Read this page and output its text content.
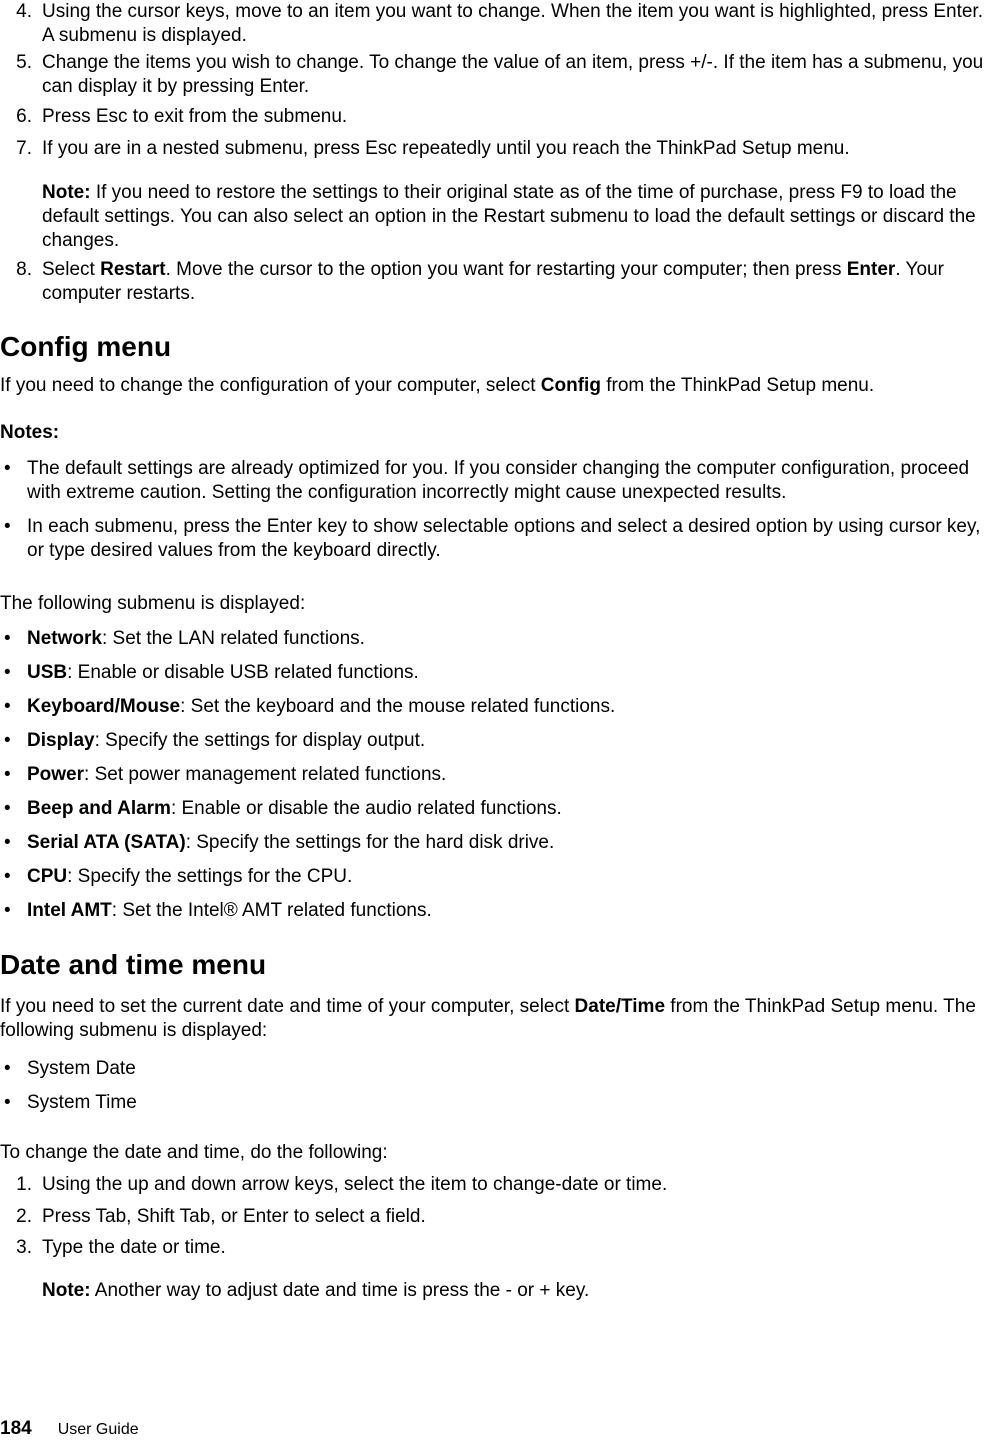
4. Using the cursor keys, move to an item you want to change. When the item you want is highlighted, press Enter. A submenu is displayed.
5. Change the items you wish to change. To change the value of an item, press +/-. If the item has a submenu, you can display it by pressing Enter.
6. Press Esc to exit from the submenu.
7. If you are in a nested submenu, press Esc repeatedly until you reach the ThinkPad Setup menu.
Note: If you need to restore the settings to their original state as of the time of purchase, press F9 to load the default settings. You can also select an option in the Restart submenu to load the default settings or discard the changes.
8. Select Restart. Move the cursor to the option you want for restarting your computer; then press Enter. Your computer restarts.
Config menu
If you need to change the configuration of your computer, select Config from the ThinkPad Setup menu.
Notes:
• The default settings are already optimized for you. If you consider changing the computer configuration, proceed with extreme caution. Setting the configuration incorrectly might cause unexpected results.
• In each submenu, press the Enter key to show selectable options and select a desired option by using cursor key, or type desired values from the keyboard directly.
The following submenu is displayed:
• Network: Set the LAN related functions.
• USB: Enable or disable USB related functions.
• Keyboard/Mouse: Set the keyboard and the mouse related functions.
• Display: Specify the settings for display output.
• Power: Set power management related functions.
• Beep and Alarm: Enable or disable the audio related functions.
• Serial ATA (SATA): Specify the settings for the hard disk drive.
• CPU: Specify the settings for the CPU.
• Intel AMT: Set the Intel® AMT related functions.
Date and time menu
If you need to set the current date and time of your computer, select Date/Time from the ThinkPad Setup menu. The following submenu is displayed:
• System Date
• System Time
To change the date and time, do the following:
1. Using the up and down arrow keys, select the item to change-date or time.
2. Press Tab, Shift Tab, or Enter to select a field.
3. Type the date or time.
Note: Another way to adjust date and time is press the - or + key.
184 User Guide
